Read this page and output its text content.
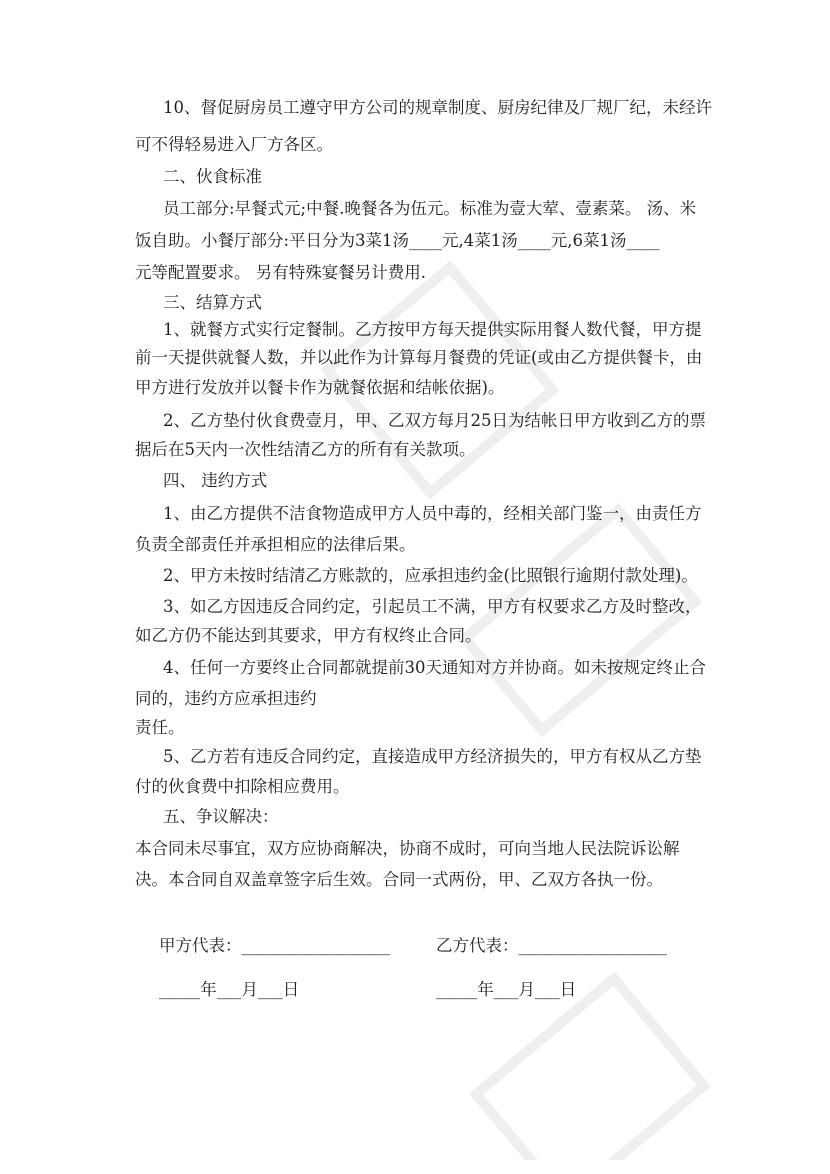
10、督促厨房员工遵守甲方公司的规章制度、厨房纪律及厂规厂纪，未经许
可不得轻易进入厂方各区。
二、伙食标准
员工部分:早餐式元;中餐.晚餐各为伍元。标准为壹大荤、壹素菜。 汤、米
饭自助。小餐厅部分:平日分为3菜1汤____元,4菜1汤____元,6菜1汤____
元等配置要求。 另有特殊宴餐另计费用.
三、结算方式
1、就餐方式实行定餐制。乙方按甲方每天提供实际用餐人数代餐，甲方提
前一天提供就餐人数，并以此作为计算每月餐费的凭证(或由乙方提供餐卡，由
甲方进行发放并以餐卡作为就餐依据和结帐依据)。
2、乙方垫付伙食费壹月，甲、乙双方每月25日为结帐日甲方收到乙方的票
据后在5天内一次性结清乙方的所有有关款项。
四、 违约方式
1、由乙方提供不洁食物造成甲方人员中毒的，经相关部门鉴一，由责任方
负责全部责任并承担相应的法律后果。
2、甲方未按时结清乙方账款的，应承担违约金(比照银行逾期付款处理)。
3、如乙方因违反合同约定，引起员工不满，甲方有权要求乙方及时整改，
如乙方仍不能达到其要求，甲方有权终止合同。
4、任何一方要终止合同都就提前30天通知对方并协商。如未按规定终止合
同的，违约方应承担违约
责任。
5、乙方若有违反合同约定，直接造成甲方经济损失的，甲方有权从乙方垫
付的伙食费中扣除相应费用。
五、争议解决：
本合同未尽事宜，双方应协商解决，协商不成时，可向当地人民法院诉讼解
决。本合同自双盖章签字后生效。合同一式两份，甲、乙双方各执一份。
甲方代表：__________________	乙方代表：__________________
_____年___月___日	_____年___月___日
